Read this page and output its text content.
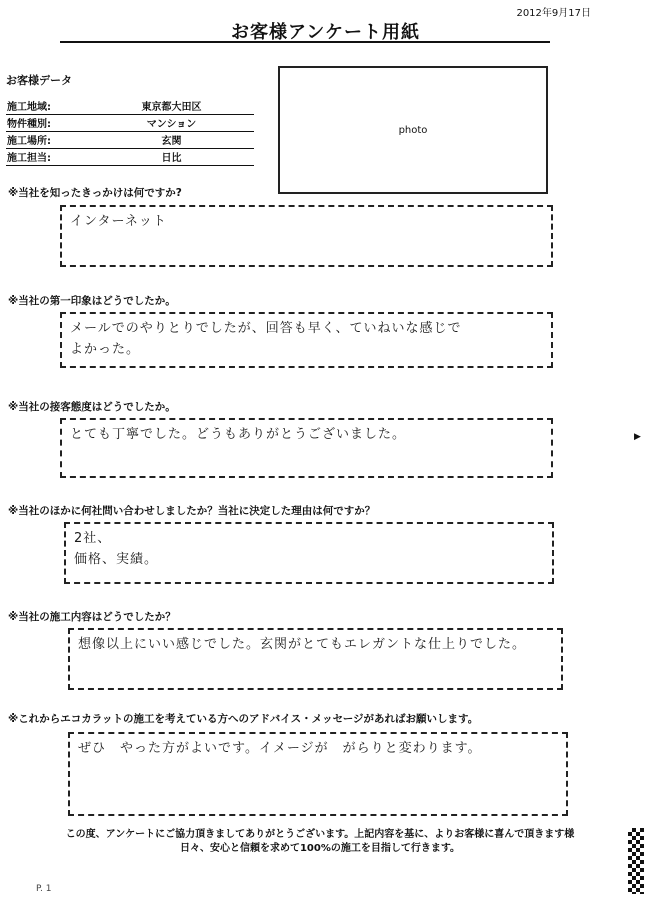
2012年9月17日
お客様アンケート用紙
お客様データ
施工地域:	東京都大田区
物件種別:	マンション
施工場所:	玄関
施工担当:	日比
photo
※当社を知ったきっかけは何ですか?
インターネット
※当社の第一印象はどうでしたか。
メールでのやりとりでしたが、回答も早く、ていねいな感じで
よかった。
※当社の接客態度はどうでしたか。
とても丁寧でした。どうもありがとうございました。
※当社のほかに何社問い合わせしましたか？当社に決定した理由は何ですか？
2社、
価格、実績。
※当社の施工内容はどうでしたか？
想像以上にいい感じでした。玄関がとてもエレガントな仕上りでした。
※これからエコカラットの施工を考えている方へのアドバイス・メッセージがあればお願いします。
ぜひ　やった方がよいです。イメージが　がらりと変わります。
この度、アンケートにご協力頂きましてありがとうございます。上記内容を基に、よりお客様に喜んで頂きます様
日々、安心と信頼を求めて100%の施工を目指して行きます。
P. 1
▶
